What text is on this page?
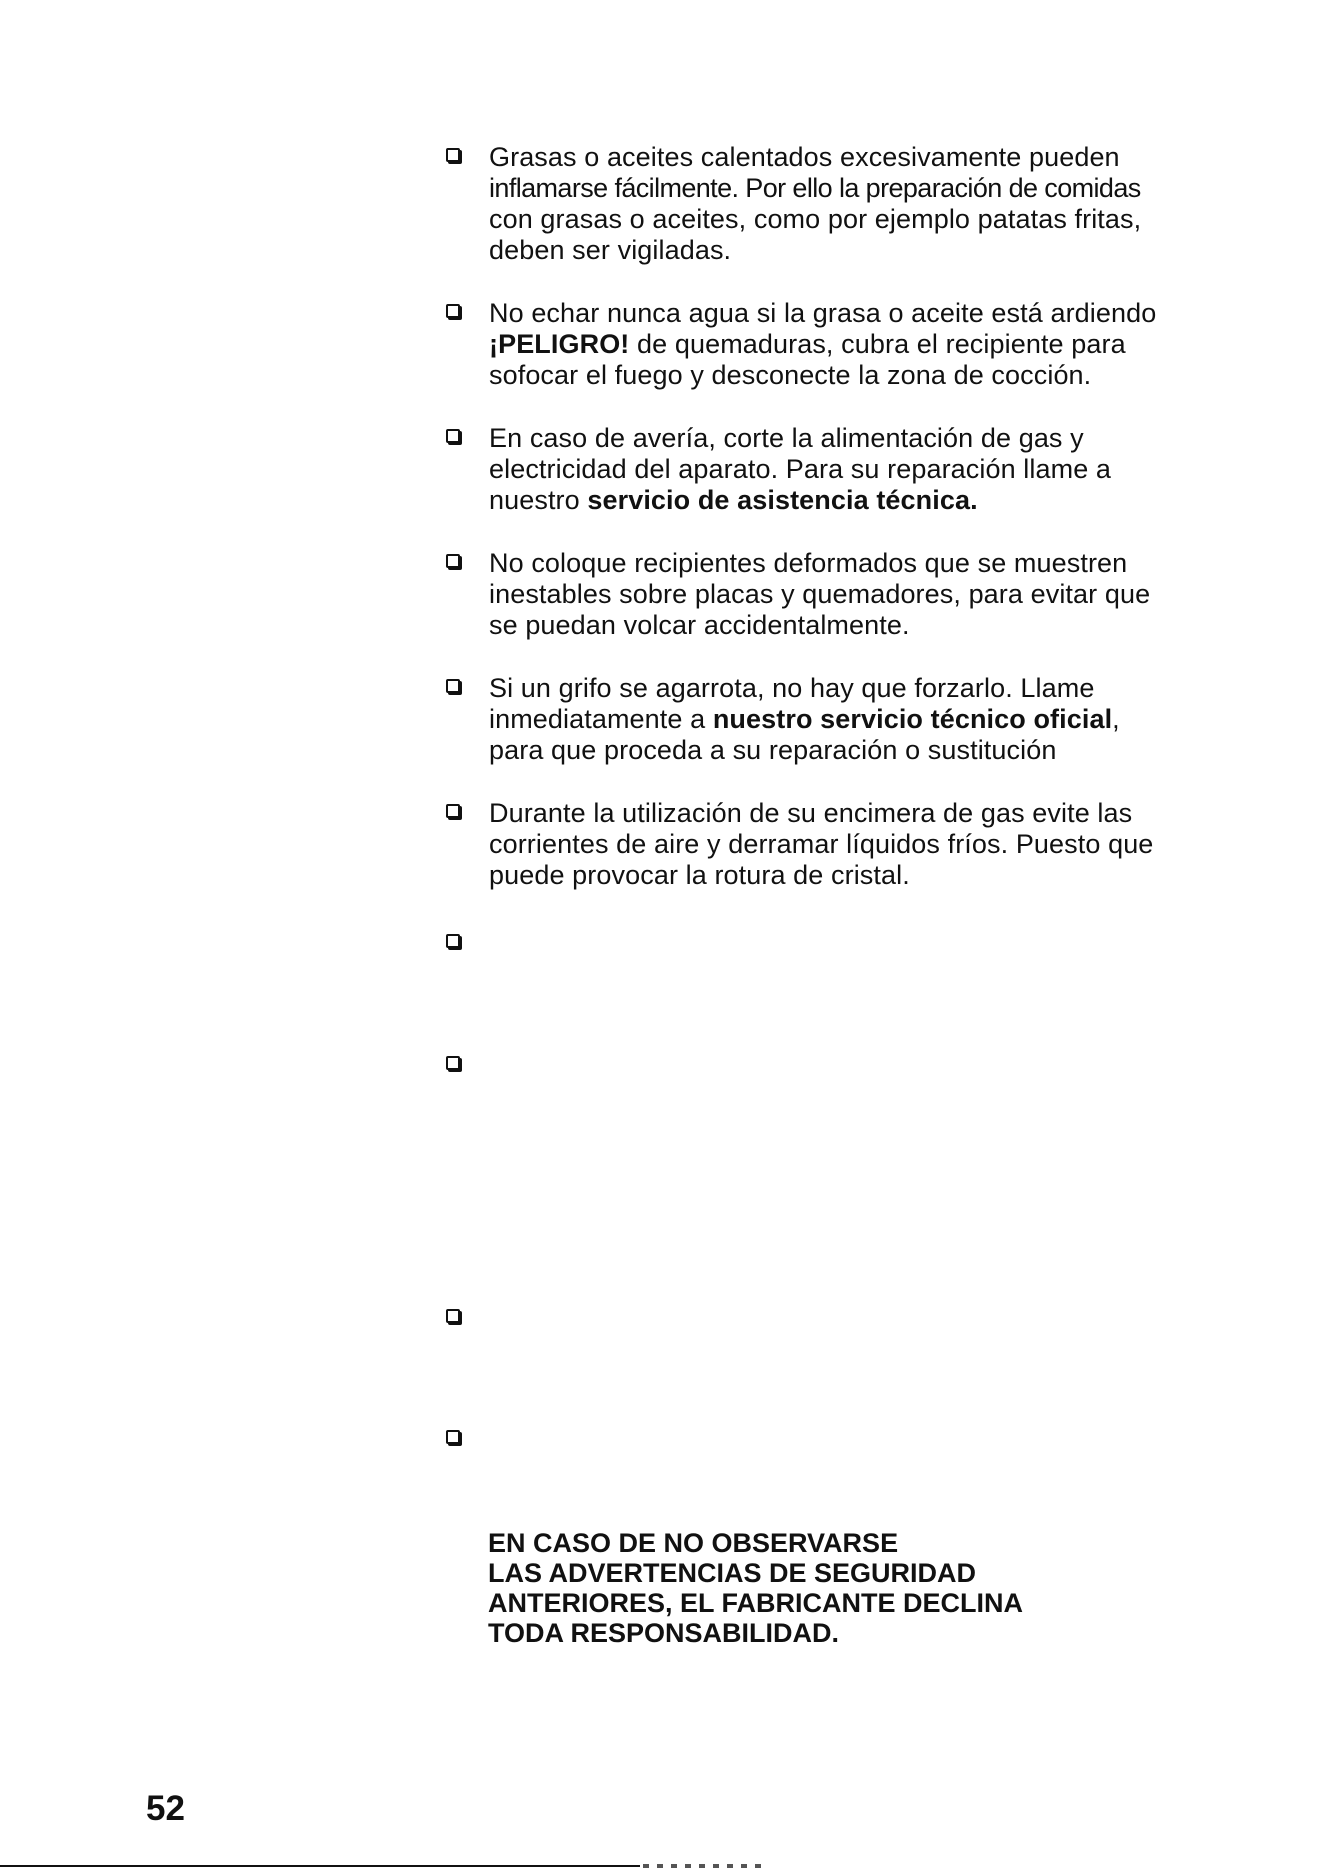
Grasas o aceites calentados excesivamente pueden
inflamarse fácilmente. Por ello la preparación de comidas
con grasas o aceites, como por ejemplo patatas fritas,
deben ser vigiladas.
No echar nunca agua si la grasa o aceite está ardiendo
¡PELIGRO! de quemaduras, cubra el recipiente para
sofocar el fuego y desconecte la zona de cocción.
En caso de avería, corte la alimentación de gas y
electricidad del aparato. Para su reparación llame a
nuestro servicio de asistencia técnica.
No coloque recipientes deformados que se muestren
inestables sobre placas y quemadores, para evitar que
se puedan volcar accidentalmente.
Si un grifo se agarrota, no hay que forzarlo. Llame
inmediatamente a nuestro servicio técnico oficial,
para que proceda a su reparación o sustitución
Durante la utilización de su encimera de gas evite las
corrientes de aire y derramar líquidos fríos. Puesto que
puede provocar la rotura de cristal.
EN CASO DE NO OBSERVARSE
LAS ADVERTENCIAS DE SEGURIDAD
ANTERIORES, EL FABRICANTE DECLINA
TODA RESPONSABILIDAD.
52
